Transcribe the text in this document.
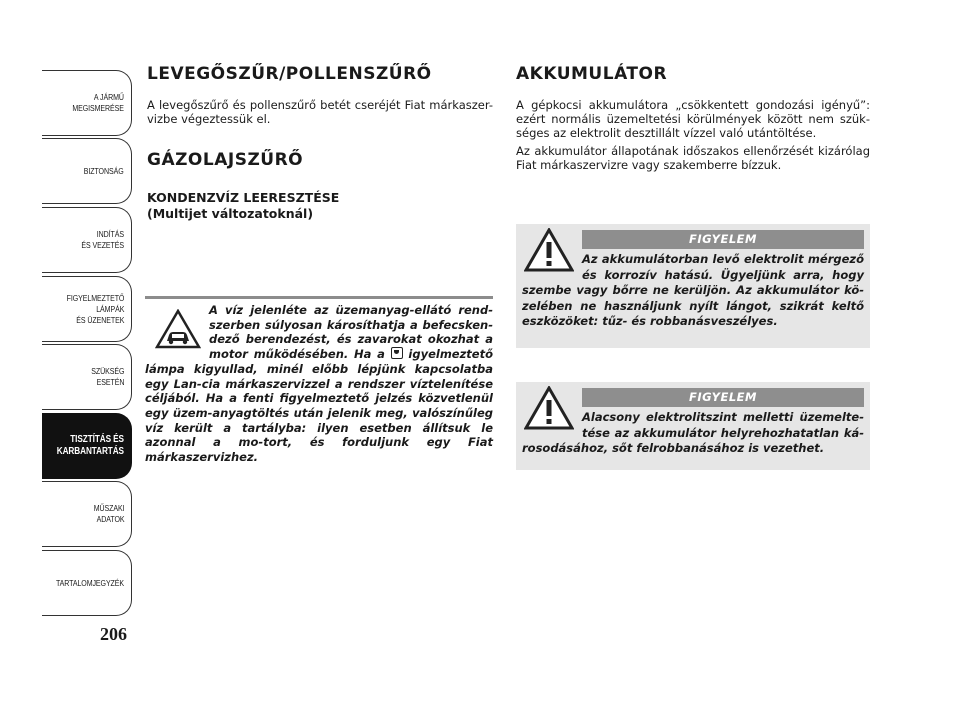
A JÁRMŰ
MEGISMERÉSE
BIZTONSÁG
INDÍTÁS
ÉS VEZETÉS
FIGYELMEZTETŐ
LÁMPÁK
ÉS ÜZENETEK
SZÜKSÉG
ESETÉN
TISZTÍTÁS ÉS
KARBANTARTÁS
MŰSZAKI
ADATOK
TARTALOMJEGYZÉK
206
LEVEGŐSZŰR/POLLENSZŰRŐ

A levegőszűrő és pollenszűrő betét cseréjét Fiat márkaszer-vizbe végeztessük el.

GÁZOLAJSZŰRŐ
KONDENZVÍZ LEERESZTÉSE
(Multijet változatoknál)

A víz jelenléte az üzemanyag-ellátó rend-szerben súlyosan károsíthatja a befecsken-dező berendezést, és zavarokat okozhat a motor működésében. Ha a igyelmeztető lámpa kigyullad, minél előbb lépjünk kapcsolatba egy Lan-cia márkaszervizzel a rendszer víztelenítése céljából. Ha a fenti figyelmeztető jelzés közvetlenül egy üzem-anyagtöltés után jelenik meg, valószínűleg víz került a tartályba: ilyen esetben állítsuk le azonnal a mo-tort, és forduljunk egy Fiat márkaszervizhez.

AKKUMULÁTOR

A gépkocsi akkumulátora „csökkentett gondozási igényű”: ezért normális üzemeltetési körülmények között nem szük-séges az elektrolit desztillált vízzel való utántöltése.

Az akkumulátor állapotának időszakos ellenőrzését kizárólag Fiat márkaszervizre vagy szakemberre bízzuk.

FIGYELEM

Az akkumulátorban levő elektrolit mérgező és korrozív hatású. Ügyeljünk arra, hogy szembe vagy bőrre ne kerüljön. Az akkumulátor kö-zelében ne használjunk nyílt lángot, szikrát keltő eszközöket: tűz- és robbanásveszélyes.

FIGYELEM

Alacsony elektrolitszint melletti üzemelte-tése az akkumulátor helyrehozhatatlan ká-rosodásához, sőt felrobbanásához is vezethet.
